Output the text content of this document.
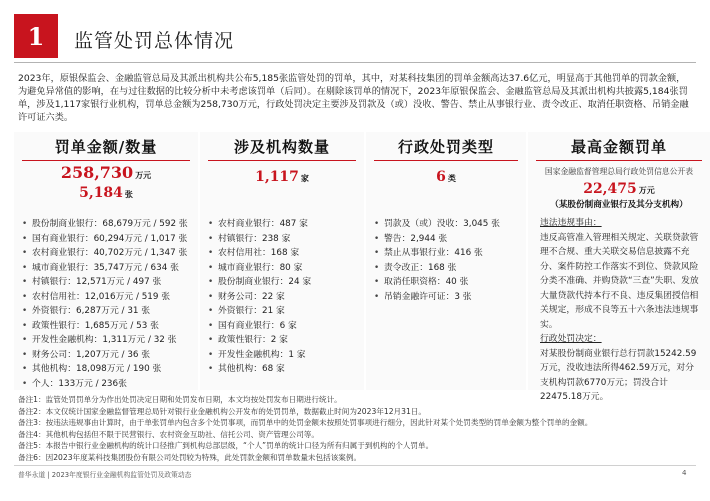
1	监管处罚总体情况
2023年，原银保监会、金融监管总局及其派出机构共公布5,185张监管处罚的罚单，其中，对某科技集团的罚单金额高达37.6亿元，明显高于其他罚单的罚款金额，为避免异常值的影响，在与过往数据的比较分析中未考虑该罚单（后同）。在剔除该罚单的情况下，2023年原银保监会、金融监管总局及其派出机构共披露5,184张罚单，涉及1,117家银行业机构，罚单总金额为258,730万元，行政处罚决定主要涉及罚款及（或）没收、警告、禁止从事银行业、责令改正、取消任职资格、吊销金融许可证六类。
罚单金额/数量
258,730 万元
5,184 张
• 股份制商业银行：68,679万元 / 592 张
• 国有商业银行：60,294万元 / 1,017 张
• 农村商业银行：40,702万元 / 1,347 张
• 城市商业银行：35,747万元 / 634 张
• 村镇银行：12,571万元 / 497 张
• 农村信用社：12,016万元 / 519 张
• 外资银行：6,287万元 / 31 张
• 政策性银行：1,685万元 / 53 张
• 开发性金融机构：1,311万元 / 32 张
• 财务公司：1,207万元 / 36 张
• 其他机构：18,098万元 / 190 张
• 个人：133万元 / 236张
涉及机构数量
1,117 家
• 农村商业银行：487 家
• 村镇银行：238 家
• 农村信用社：168 家
• 城市商业银行：80 家
• 股份制商业银行：24 家
• 财务公司：22 家
• 外资银行：21 家
• 国有商业银行：6 家
• 政策性银行：2 家
• 开发性金融机构：1 家
• 其他机构：68 家
行政处罚类型
6 类
• 罚款及（或）没收：3,045 张
• 警告：2,944 张
• 禁止从事银行业：416 张
• 责令改正：168 张
• 取消任职资格：40 张
• 吊销金融许可证：3 张
最高金额罚单
国家金融监督管理总局行政处罚信息公开表
22,475 万元
（某股份制商业银行及其分支机构）
违法违规事由：
违反高管准入管理相关规定、关联贷款管理不合规、重大关联交易信息披露不充分、案件防控工作落实不到位、贷款风险分类不准确、并购贷款“三查”失职、发放大量贷款代持本行不良、违反集团授信相关规定，形成不良等五十六条违法违规事实。
行政处罚决定：
对某股份制商业银行总行罚款15242.59万元，没收违法所得462.59万元，对分支机构罚款6770万元；罚没合计22475.18万元。
备注1：监管处罚罚单分为作出处罚决定日期和处罚发布日期，本文均按处罚发布日期进行统计。
备注2：本文仅统计国家金融监督管理总局针对银行业金融机构公开发布的处罚罚单，数据截止时间为2023年12月31日。
备注3：按违法违规事由计算时，由于单张罚单内包含多个处罚事项，而罚单中的处罚金额未按照处罚事项进行细分，因此针对某个处罚类型的罚单金额为整个罚单的金额。
备注4：其他机构包括但不限于民营银行、农村资金互助社、信托公司、资产管理公司等。
备注5：本报告中银行业金融机构的统计口径推广到机构总部层级，“个人”罚单的统计口径为所有归属于到机构的个人罚单。
备注6：因2023年度某科技集团股份有限公司处罚较为特殊，此处罚款金额和罚单数量未包括该案例。
普华永道 | 2023年度银行业金融机构监管处罚及政策动态	4
